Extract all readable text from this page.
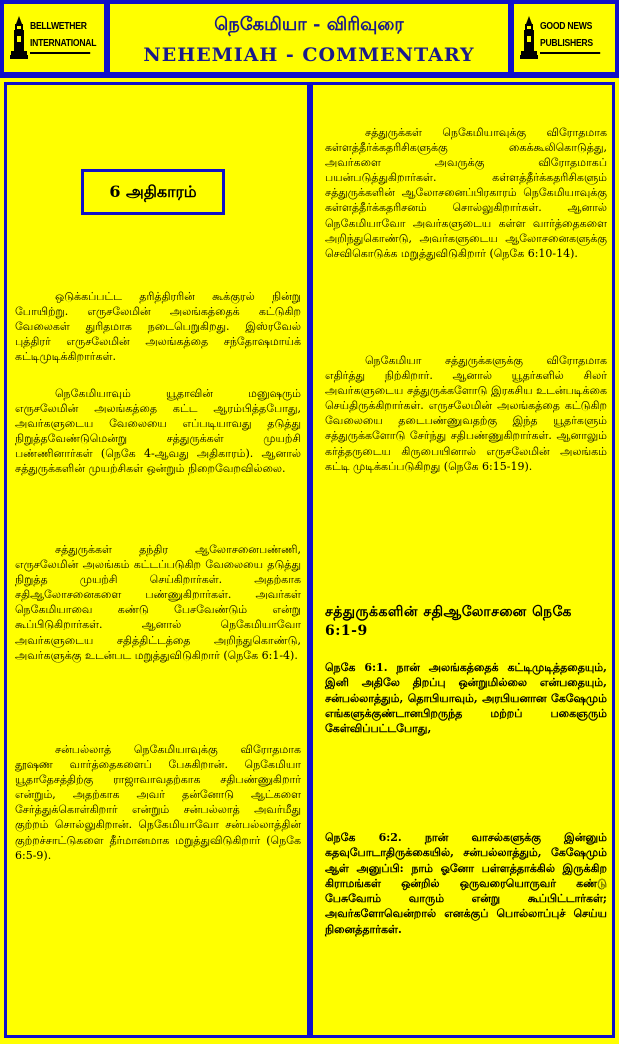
BELLWETHER
INTERNATIONAL
நெகேமியா - விரிவுரை
NEHEMIAH - COMMENTARY
GOOD NEWS
PUBLISHERS
6 அதிகாரம்

ஒடுக்கப்பட்ட தரித்திரரின் கூக்குரல் நின்று போயிற்று. எருசலேமின் அலங்கத்தைக் கட்டுகிற வேலைகள் துரிதமாக நடைபெறுகிறது. இஸ்ரவேல் புத்திரர் எருசலேமின் அலங்கத்தை சந்தோஷமாய்க் கட்டிமுடிக்கிறார்கள்.

நெகேமியாவும் யூதாவின் மனுஷரும் எருசலேமின் அலங்கத்தை கட்ட ஆரம்பித்தபோது, அவர்களுடைய வேலையை எப்படியாவது தடுத்து நிறுத்தவேண்டுமென்று சத்துருக்கள் முயற்சி பண்ணினார்கள் (நெகே 4-ஆவது அதிகாரம்). ஆனால் சத்துருக்களின் முயற்சிகள் ஒன்றும் நிறைவேறவில்லை.

சத்துருக்கள் தந்திர ஆலோசனைபண்ணி, எருசலேமின் அலங்கம் கட்டப்படுகிற வேலையை தடுத்து நிறுத்த முயற்சி செய்கிறார்கள். அதற்காக சதிஆலோசனைகளை பண்ணுகிறார்கள். அவர்கள் நெகேமியாவை கண்டு பேசவேண்டும் என்று கூப்பிடுகிறார்கள். ஆனால் நெகேமியாவோ அவர்களுடைய சதித்திட்டத்தை அறிந்துகொண்டு, அவர்களுக்கு உடன்பட மறுத்துவிடுகிறார் (நெகே 6:1-4).

சன்பல்லாத் நெகேமியாவுக்கு விரோதமாக தூஷண வார்த்தைகளைப் பேசுகிறான். நெகேமியா யூதாதேசத்திற்கு ராஜாவாவதற்காக சதிபண்ணுகிறார் என்றும், அதற்காக அவர் தன்னோடு ஆட்களை சேர்த்துக்கொள்கிறார் என்றும் சன்பல்லாத் அவர்மீது குற்றம் சொல்லுகிறான். நெகேமியாவோ சன்பல்லாத்தின் குற்றச்சாட்டுகளை தீர்மானமாக மறுத்துவிடுகிறார் (நெகே 6:5-9).

சத்துருக்கள் நெகேமியாவுக்கு விரோதமாக கள்ளத்தீர்க்கதரிசிகளுக்கு கைக்கூலிகொடுத்து, அவர்களை அவருக்கு விரோதமாகப் பயன்படுத்துகிறார்கள். கள்ளத்தீர்க்கதரிசிகளும் சத்துருக்களின் ஆலோசனைப்பிரகாரம் நெகேமியாவுக்கு கள்ளத்தீர்க்கதரிசனம் சொல்லுகிறார்கள். ஆனால் நெகேமியாவோ அவர்களுடைய கள்ள வார்த்தைகளை அறிந்துகொண்டு, அவர்களுடைய ஆலோசனைகளுக்கு செவிகொடுக்க மறுத்துவிடுகிறார் (நெகே 6:10-14).

நெகேமியா சத்துருக்களுக்கு விரோதமாக எதிர்த்து நிற்கிறார். ஆனால் யூதர்களில் சிலர் அவர்களுடைய சத்துருக்களோடு இரகசிய உடன்படிக்கை செய்திருக்கிறார்கள். எருசலேமின் அலங்கத்தை கட்டுகிற வேலையை தடைபண்ணுவதற்கு இந்த யூதர்களும் சத்துருக்களோடு சேர்ந்து சதிபண்ணுகிறார்கள். ஆனாலும் கர்த்தருடைய கிருபையினால் எருசலேமின் அலங்கம் கட்டி முடிக்கப்படுகிறது (நெகே 6:15-19).

சத்துருக்களின் சதிஆலோசனை நெகே 6:1-9

நெகே 6:1. நான் அலங்கத்தைக் கட்டிமுடித்ததையும், இனி அதிலே திறப்பு ஒன்றுமில்லை என்பதையும், சன்பல்லாத்தும், தொபியாவும், அரபியனான கேஷேமும் எங்களுக்குண்டானபிறருந்த மற்றப் பகைஞரும் கேள்விப்பட்டபோது,

நெகே 6:2. நான் வாசல்களுக்கு இன்னும் கதவுபோடாதிருக்கையில், சன்பல்லாத்தும், கேஷேமும் ஆள் அனுப்பி: நாம் ஓனோ பள்ளத்தாக்கில் இருக்கிற கிராமங்கள் ஒன்றில் ஒருவரையொருவர் கண்டு பேசுவோம் வாரும் என்று கூப்பிட்டார்கள்; அவர்களோவென்றால் எனக்குப் பொல்லாப்புச் செய்ய நினைத்தார்கள்.
